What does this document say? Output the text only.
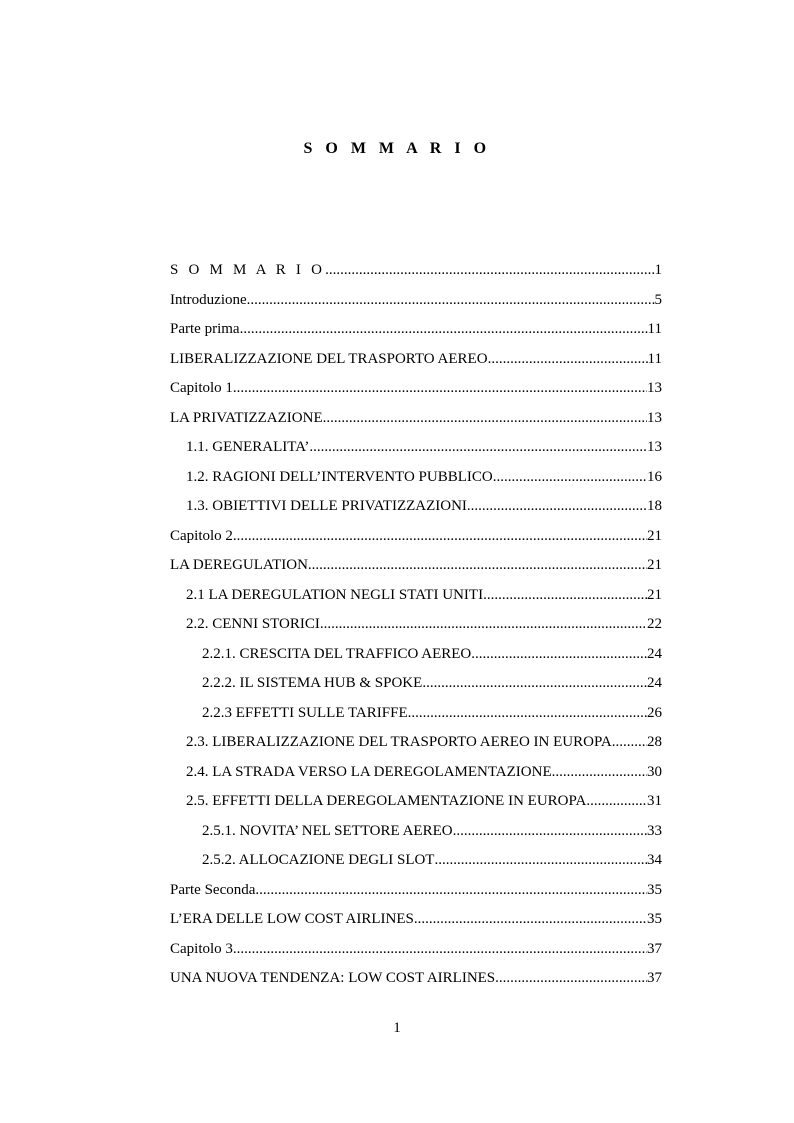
S O M M A R I O
S O M M A R I O .....	1
Introduzione .....	5
Parte prima .....	11
LIBERALIZZAZIONE DEL TRASPORTO AEREO .....	11
Capitolo 1 .....	13
LA PRIVATIZZAZIONE .....	13
1.1. GENERALITA’ .....	13
1.2. RAGIONI DELL’INTERVENTO PUBBLICO .....	16
1.3. OBIETTIVI DELLE PRIVATIZZAZIONI .....	18
Capitolo 2 .....	21
LA DEREGULATION .....	21
2.1 LA DEREGULATION NEGLI STATI UNITI .....	21
2.2. CENNI STORICI .....	22
2.2.1. CRESCITA DEL TRAFFICO AEREO .....	24
2.2.2. IL SISTEMA HUB & SPOKE .....	24
2.2.3 EFFETTI SULLE TARIFFE .....	26
2.3. LIBERALIZZAZIONE DEL TRASPORTO AEREO IN EUROPA ..... 28
2.4. LA STRADA VERSO LA DEREGOLAMENTAZIONE .....	30
2.5. EFFETTI DELLA DEREGOLAMENTAZIONE IN EUROPA .....	31
2.5.1. NOVITA’ NEL SETTORE AEREO .....	33
2.5.2. ALLOCAZIONE DEGLI SLOT .....	34
Parte Seconda .....	35
L’ERA DELLE LOW COST AIRLINES .....	35
Capitolo 3 .....	37
UNA NUOVA TENDENZA: LOW COST AIRLINES .....	37
1
